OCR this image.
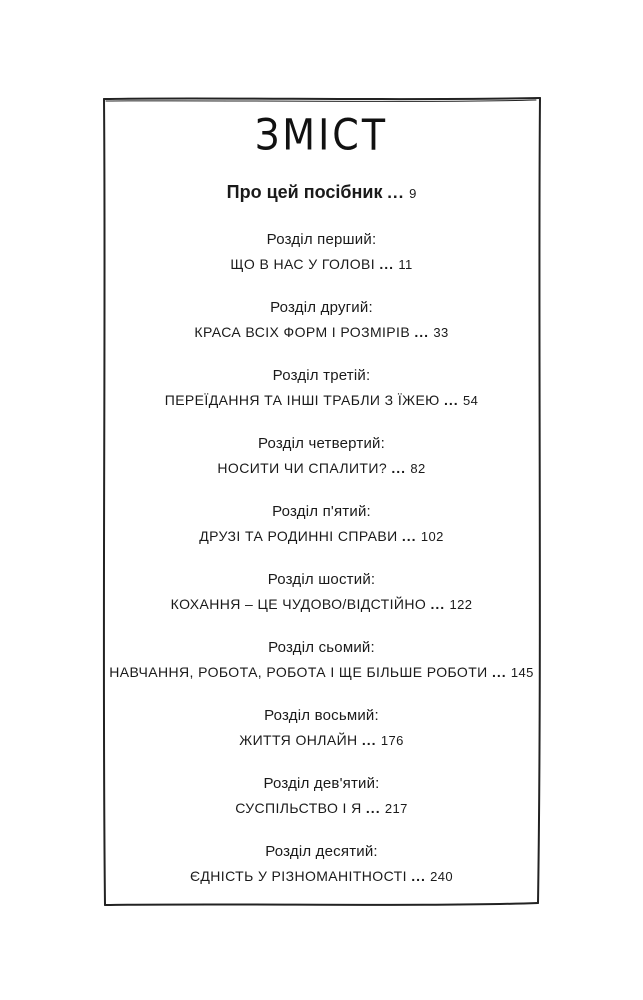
ЗМІСТ
Про цей посібник ... 9
Розділ перший:
ЩО В НАС У ГОЛОВІ ... 11
Розділ другий:
КРАСА ВСІХ ФОРМ І РОЗМІРІВ ... 33
Розділ третій:
ПЕРЕЇДАННЯ ТА ІНШІ ТРАБЛИ З ЇЖЕЮ ... 54
Розділ четвертий:
НОСИТИ ЧИ СПАЛИТИ? ... 82
Розділ п'ятий:
ДРУЗІ ТА РОДИННІ СПРАВИ ... 102
Розділ шостий:
КОХАННЯ – ЦЕ ЧУДОВО/ВІДСТІЙНО ... 122
Розділ сьомий:
НАВЧАННЯ, РОБОТА, РОБОТА І ЩЕ БІЛЬШЕ РОБОТИ ... 145
Розділ восьмий:
ЖИТТЯ ОНЛАЙН ... 176
Розділ дев'ятий:
СУСПІЛЬСТВО І Я ... 217
Розділ десятий:
ЄДНІСТЬ У РІЗНОМАНІТНОСТІ ... 240
